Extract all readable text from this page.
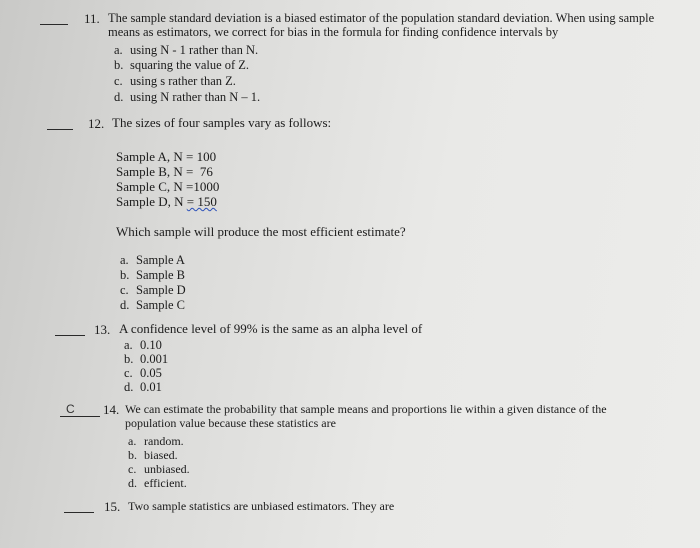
11. The sample standard deviation is a biased estimator of the population standard deviation. When using sample
means as estimators, we correct for bias in the formula for finding confidence intervals by
a. using N - 1 rather than N.
b. squaring the value of Z.
c. using s rather than Z.
d. using N rather than N – 1.
12. The sizes of four samples vary as follows:
Sample A, N = 100
Sample B, N =  76
Sample C, N =1000
Sample D, N = 150
Which sample will produce the most efficient estimate?
a. Sample A
b. Sample B
c. Sample D
d. Sample C
13. A confidence level of 99% is the same as an alpha level of
a. 0.10
b. 0.001
c. 0.05
d. 0.01
C 14. We can estimate the probability that sample means and proportions lie within a given distance of the
population value because these statistics are
a. random.
b. biased.
c. unbiased.
d. efficient.
15. Two sample statistics are unbiased estimators. They are
